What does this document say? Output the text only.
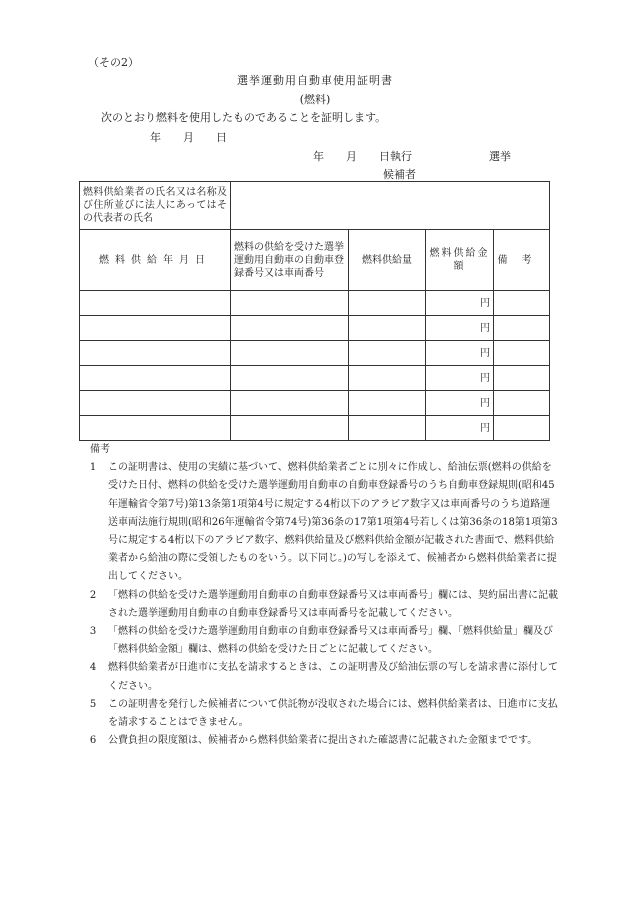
（その2）
選挙運動用自動車使用証明書
(燃料)
次のとおり燃料を使用したものであることを証明します。
年　　月　　日
年　　月　　日執行　　　　　　　選挙
候補者
燃料供給業者の氏名又は名称及び住所並びに法人にあってはその代表者の氏名				
燃料供給年月日	燃料の供給を受けた選挙運動用自動車の自動車登録番号又は車両番号	燃料供給量	燃料供給金額	備考
			円	
			円	
			円	
			円	
			円	
			円	
備考
1	この証明書は、使用の実績に基づいて、燃料供給業者ごとに別々に作成し、給油伝票(燃料の供給を受けた日付、燃料の供給を受けた選挙運動用自動車の自動車登録番号のうち自動車登録規則(昭和45年運輸省令第7号)第13条第1項第4号に規定する4桁以下のアラビア数字又は車両番号のうち道路運送車両法施行規則(昭和26年運輸省令第74号)第36条の17第1項第4号若しくは第36条の18第1項第3号に規定する4桁以下のアラビア数字、燃料供給量及び燃料供給金額が記載された書面で、燃料供給業者から給油の際に受領したものをいう。以下同じ。)の写しを添えて、候補者から燃料供給業者に提出してください。
2	「燃料の供給を受けた選挙運動用自動車の自動車登録番号又は車両番号」欄には、契約届出書に記載された選挙運動用自動車の自動車登録番号又は車両番号を記載してください。
3	「燃料の供給を受けた選挙運動用自動車の自動車登録番号又は車両番号」欄、「燃料供給量」欄及び「燃料供給金額」欄は、燃料の供給を受けた日ごとに記載してください。
4	燃料供給業者が日進市に支払を請求するときは、この証明書及び給油伝票の写しを請求書に添付してください。
5	この証明書を発行した候補者について供託物が没収された場合には、燃料供給業者は、日進市に支払を請求することはできません。
6	公費負担の限度額は、候補者から燃料供給業者に提出された確認書に記載された金額までです。
